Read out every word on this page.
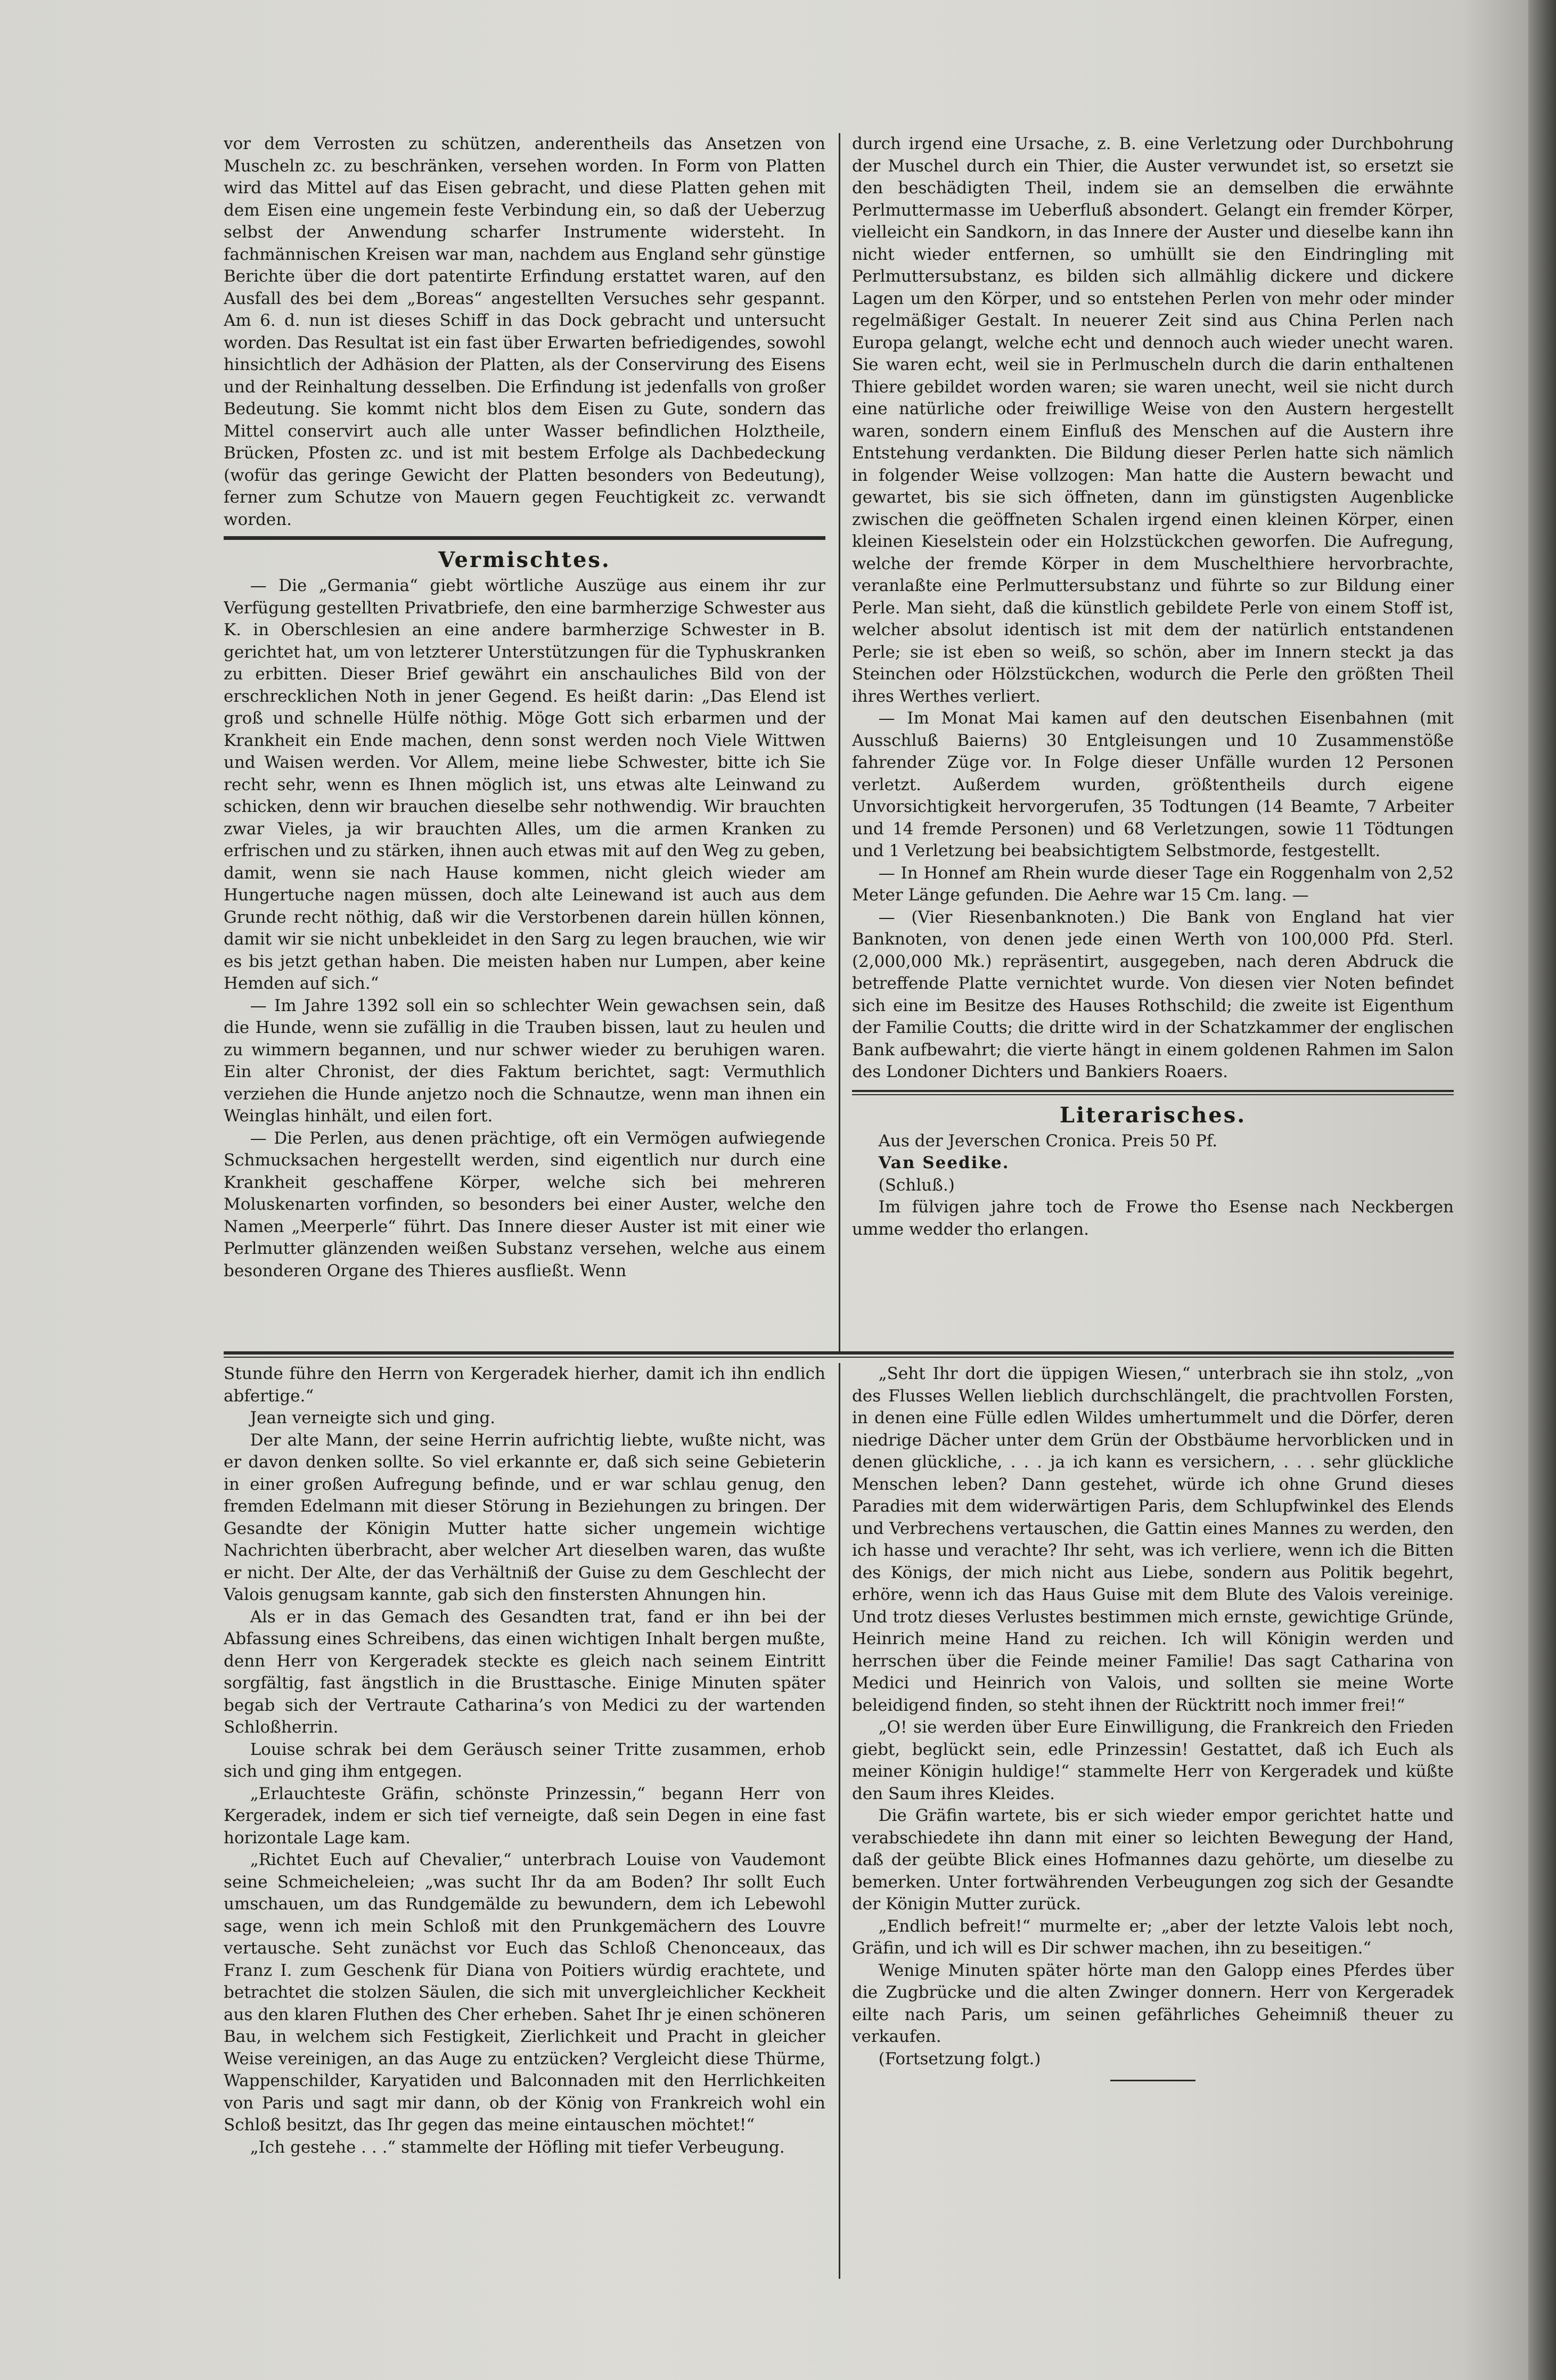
vor dem Verrosten zu schützen, anderentheils das Ansetzen von Muscheln zc. zu beschränken, versehen worden. In Form von Platten wird das Mittel auf das Eisen gebracht, und diese Platten gehen mit dem Eisen eine ungemein feste Verbindung ein, so daß der Ueberzug selbst der Anwendung scharfer Instrumente widersteht. In fachmännischen Kreisen war man, nachdem aus England sehr günstige Berichte über die dort patentirte Erfindung erstattet waren, auf den Ausfall des bei dem „Boreas“ angestellten Versuches sehr gespannt. Am 6. d. nun ist dieses Schiff in das Dock gebracht und untersucht worden. Das Resultat ist ein fast über Erwarten befriedigendes, sowohl hinsichtlich der Adhäsion der Platten, als der Conservirung des Eisens und der Reinhaltung desselben. Die Erfindung ist jedenfalls von großer Bedeutung. Sie kommt nicht blos dem Eisen zu Gute, sondern das Mittel conservirt auch alle unter Wasser befindlichen Holztheile, Brücken, Pfosten zc. und ist mit bestem Erfolge als Dachbedeckung (wofür das geringe Gewicht der Platten besonders von Bedeutung), ferner zum Schutze von Mauern gegen Feuchtigkeit zc. verwandt worden.

Vermischtes.

— Die „Germania“ giebt wörtliche Auszüge aus einem ihr zur Verfügung gestellten Privatbriefe, den eine barmherzige Schwester aus K. in Oberschlesien an eine andere barmherzige Schwester in B. gerichtet hat, um von letzterer Unterstützungen für die Typhuskranken zu erbitten. Dieser Brief gewährt ein anschauliches Bild von der erschrecklichen Noth in jener Gegend. Es heißt darin: „Das Elend ist groß und schnelle Hülfe nöthig. Möge Gott sich erbarmen und der Krankheit ein Ende machen, denn sonst werden noch Viele Wittwen und Waisen werden. Vor Allem, meine liebe Schwester, bitte ich Sie recht sehr, wenn es Ihnen möglich ist, uns etwas alte Leinwand zu schicken, denn wir brauchen dieselbe sehr nothwendig. Wir brauchten zwar Vieles, ja wir brauchten Alles, um die armen Kranken zu erfrischen und zu stärken, ihnen auch etwas mit auf den Weg zu geben, damit, wenn sie nach Hause kommen, nicht gleich wieder am Hungertuche nagen müssen, doch alte Leinewand ist auch aus dem Grunde recht nöthig, daß wir die Verstorbenen darein hüllen können, damit wir sie nicht unbekleidet in den Sarg zu legen brauchen, wie wir es bis jetzt gethan haben. Die meisten haben nur Lumpen, aber keine Hemden auf sich.“

— Im Jahre 1392 soll ein so schlechter Wein gewachsen sein, daß die Hunde, wenn sie zufällig in die Trauben bissen, laut zu heulen und zu wimmern begannen, und nur schwer wieder zu beruhigen waren. Ein alter Chronist, der dies Faktum berichtet, sagt: Vermuthlich verziehen die Hunde anjetzo noch die Schnautze, wenn man ihnen ein Weinglas hinhält, und eilen fort.

— Die Perlen, aus denen prächtige, oft ein Vermögen aufwiegende Schmucksachen hergestellt werden, sind eigentlich nur durch eine Krankheit geschaffene Körper, welche sich bei mehreren Moluskenarten vorfinden, so besonders bei einer Auster, welche den Namen „Meerperle“ führt. Das Innere dieser Auster ist mit einer wie Perlmutter glänzenden weißen Substanz versehen, welche aus einem besonderen Organe des Thieres ausfließt. Wenn

durch irgend eine Ursache, z. B. eine Verletzung oder Durchbohrung der Muschel durch ein Thier, die Auster verwundet ist, so ersetzt sie den beschädigten Theil, indem sie an demselben die erwähnte Perlmuttermasse im Ueberfluß absondert. Gelangt ein fremder Körper, vielleicht ein Sandkorn, in das Innere der Auster und dieselbe kann ihn nicht wieder entfernen, so umhüllt sie den Eindringling mit Perlmuttersubstanz, es bilden sich allmählig dickere und dickere Lagen um den Körper, und so entstehen Perlen von mehr oder minder regelmäßiger Gestalt. In neuerer Zeit sind aus China Perlen nach Europa gelangt, welche echt und dennoch auch wieder unecht waren. Sie waren echt, weil sie in Perlmuscheln durch die darin enthaltenen Thiere gebildet worden waren; sie waren unecht, weil sie nicht durch eine natürliche oder freiwillige Weise von den Austern hergestellt waren, sondern einem Einfluß des Menschen auf die Austern ihre Entstehung verdankten. Die Bildung dieser Perlen hatte sich nämlich in folgender Weise vollzogen: Man hatte die Austern bewacht und gewartet, bis sie sich öffneten, dann im günstigsten Augenblicke zwischen die geöffneten Schalen irgend einen kleinen Körper, einen kleinen Kieselstein oder ein Holzstückchen geworfen. Die Aufregung, welche der fremde Körper in dem Muschelthiere hervorbrachte, veranlaßte eine Perlmuttersubstanz und führte so zur Bildung einer Perle. Man sieht, daß die künstlich gebildete Perle von einem Stoff ist, welcher absolut identisch ist mit dem der natürlich entstandenen Perle; sie ist eben so weiß, so schön, aber im Innern steckt ja das Steinchen oder Hölzstückchen, wodurch die Perle den größten Theil ihres Werthes verliert.

— Im Monat Mai kamen auf den deutschen Eisenbahnen (mit Ausschluß Baierns) 30 Entgleisungen und 10 Zusammenstöße fahrender Züge vor. In Folge dieser Unfälle wurden 12 Personen verletzt. Außerdem wurden, größtentheils durch eigene Unvorsichtigkeit hervorgerufen, 35 Todtungen (14 Beamte, 7 Arbeiter und 14 fremde Personen) und 68 Verletzungen, sowie 11 Tödtungen und 1 Verletzung bei beabsichtigtem Selbstmorde, festgestellt.

— In Honnef am Rhein wurde dieser Tage ein Roggenhalm von 2,52 Meter Länge gefunden. Die Aehre war 15 Cm. lang. —

— (Vier Riesenbanknoten.) Die Bank von England hat vier Banknoten, von denen jede einen Werth von 100,000 Pfd. Sterl. (2,000,000 Mk.) repräsentirt, ausgegeben, nach deren Abdruck die betreffende Platte vernichtet wurde. Von diesen vier Noten befindet sich eine im Besitze des Hauses Rothschild; die zweite ist Eigenthum der Familie Coutts; die dritte wird in der Schatzkammer der englischen Bank aufbewahrt; die vierte hängt in einem goldenen Rahmen im Salon des Londoner Dichters und Bankiers Roaers.

Literarisches.

Aus der Jeverschen Cronica. Preis 50 Pf.

Van Seedike.

(Schluß.)

Im fülvigen jahre toch de Frowe tho Esense nach Neckbergen umme wedder tho erlangen.

Stunde führe den Herrn von Kergeradek hierher, damit ich ihn endlich abfertige.“

Jean verneigte sich und ging.

Der alte Mann, der seine Herrin aufrichtig liebte, wußte nicht, was er davon denken sollte. So viel erkannte er, daß sich seine Gebieterin in einer großen Aufregung befinde, und er war schlau genug, den fremden Edelmann mit dieser Störung in Beziehungen zu bringen. Der Gesandte der Königin Mutter hatte sicher ungemein wichtige Nachrichten überbracht, aber welcher Art dieselben waren, das wußte er nicht. Der Alte, der das Verhältniß der Guise zu dem Geschlecht der Valois genugsam kannte, gab sich den finstersten Ahnungen hin.

Als er in das Gemach des Gesandten trat, fand er ihn bei der Abfassung eines Schreibens, das einen wichtigen Inhalt bergen mußte, denn Herr von Kergeradek steckte es gleich nach seinem Eintritt sorgfältig, fast ängstlich in die Brusttasche. Einige Minuten später begab sich der Vertraute Catharina’s von Medici zu der wartenden Schloßherrin.

Louise schrak bei dem Geräusch seiner Tritte zusammen, erhob sich und ging ihm entgegen.

„Erlauchteste Gräfin, schönste Prinzessin,“ begann Herr von Kergeradek, indem er sich tief verneigte, daß sein Degen in eine fast horizontale Lage kam.

„Richtet Euch auf Chevalier,“ unterbrach Louise von Vaudemont seine Schmeicheleien; „was sucht Ihr da am Boden? Ihr sollt Euch umschauen, um das Rundgemälde zu bewundern, dem ich Lebewohl sage, wenn ich mein Schloß mit den Prunkgemächern des Louvre vertausche. Seht zunächst vor Euch das Schloß Chenonceaux, das Franz I. zum Geschenk für Diana von Poitiers würdig erachtete, und betrachtet die stolzen Säulen, die sich mit unvergleichlicher Keckheit aus den klaren Fluthen des Cher erheben. Sahet Ihr je einen schöneren Bau, in welchem sich Festigkeit, Zierlichkeit und Pracht in gleicher Weise vereinigen, an das Auge zu entzücken? Vergleicht diese Thürme, Wappenschilder, Karyatiden und Balconnaden mit den Herrlichkeiten von Paris und sagt mir dann, ob der König von Frankreich wohl ein Schloß besitzt, das Ihr gegen das meine eintauschen möchtet!“

„Ich gestehe . . .“ stammelte der Höfling mit tiefer Verbeugung.

„Seht Ihr dort die üppigen Wiesen,“ unterbrach sie ihn stolz, „von des Flusses Wellen lieblich durchschlängelt, die prachtvollen Forsten, in denen eine Fülle edlen Wildes umhertummelt und die Dörfer, deren niedrige Dächer unter dem Grün der Obstbäume hervorblicken und in denen glückliche, . . . ja ich kann es versichern, . . . sehr glückliche Menschen leben? Dann gestehet, würde ich ohne Grund dieses Paradies mit dem widerwärtigen Paris, dem Schlupfwinkel des Elends und Verbrechens vertauschen, die Gattin eines Mannes zu werden, den ich hasse und verachte? Ihr seht, was ich verliere, wenn ich die Bitten des Königs, der mich nicht aus Liebe, sondern aus Politik begehrt, erhöre, wenn ich das Haus Guise mit dem Blute des Valois vereinige. Und trotz dieses Verlustes bestimmen mich ernste, gewichtige Gründe, Heinrich meine Hand zu reichen. Ich will Königin werden und herrschen über die Feinde meiner Familie! Das sagt Catharina von Medici und Heinrich von Valois, und sollten sie meine Worte beleidigend finden, so steht ihnen der Rücktritt noch immer frei!“

„O! sie werden über Eure Einwilligung, die Frankreich den Frieden giebt, beglückt sein, edle Prinzessin! Gestattet, daß ich Euch als meiner Königin huldige!“ stammelte Herr von Kergeradek und küßte den Saum ihres Kleides.

Die Gräfin wartete, bis er sich wieder empor gerichtet hatte und verabschiedete ihn dann mit einer so leichten Bewegung der Hand, daß der geübte Blick eines Hofmannes dazu gehörte, um dieselbe zu bemerken. Unter fortwährenden Verbeugungen zog sich der Gesandte der Königin Mutter zurück.

„Endlich befreit!“ murmelte er; „aber der letzte Valois lebt noch, Gräfin, und ich will es Dir schwer machen, ihn zu beseitigen.“

Wenige Minuten später hörte man den Galopp eines Pferdes über die Zugbrücke und die alten Zwinger donnern. Herr von Kergeradek eilte nach Paris, um seinen gefährliches Geheimniß theuer zu verkaufen.

(Fortsetzung folgt.)
